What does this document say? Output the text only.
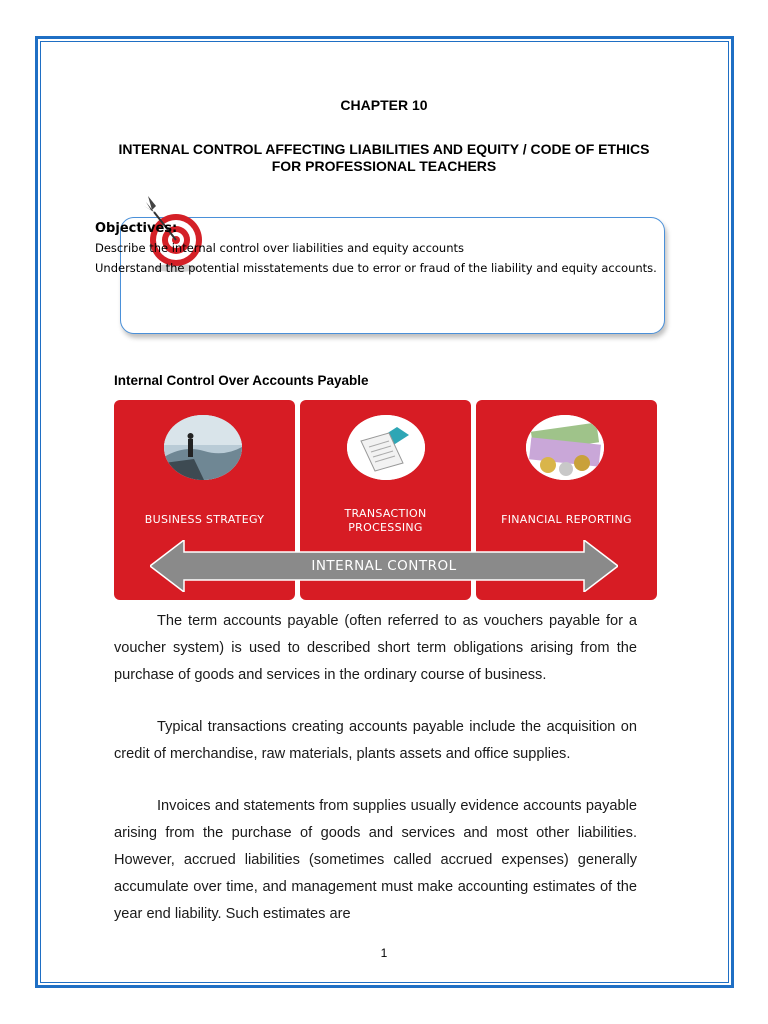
CHAPTER 10
INTERNAL CONTROL AFFECTING LIABILITIES AND EQUITY / CODE OF ETHICS FOR PROFESSIONAL TEACHERS
Objectives:
Describe the internal control over liabilities and equity accounts
Understand the potential misstatements due to error or fraud of the liability and equity accounts.
Internal Control Over Accounts Payable
BUSINESS STRATEGY	TRANSACTION PROCESSING
FINANCIAL REPORTING
INTERNAL CONTROL

The term accounts payable (often referred to as vouchers payable for a voucher system) is used to described short term obligations arising from the purchase of goods and services in the ordinary course of business.

Typical transactions creating accounts payable include the acquisition on credit of merchandise, raw materials, plants assets and office supplies.

Invoices and statements from supplies usually evidence accounts payable arising from the purchase of goods and services and most other liabilities. However, accrued liabilities (sometimes called accrued expenses) generally accumulate over time, and management must make accounting estimates of the year end liability. Such estimates are

1
